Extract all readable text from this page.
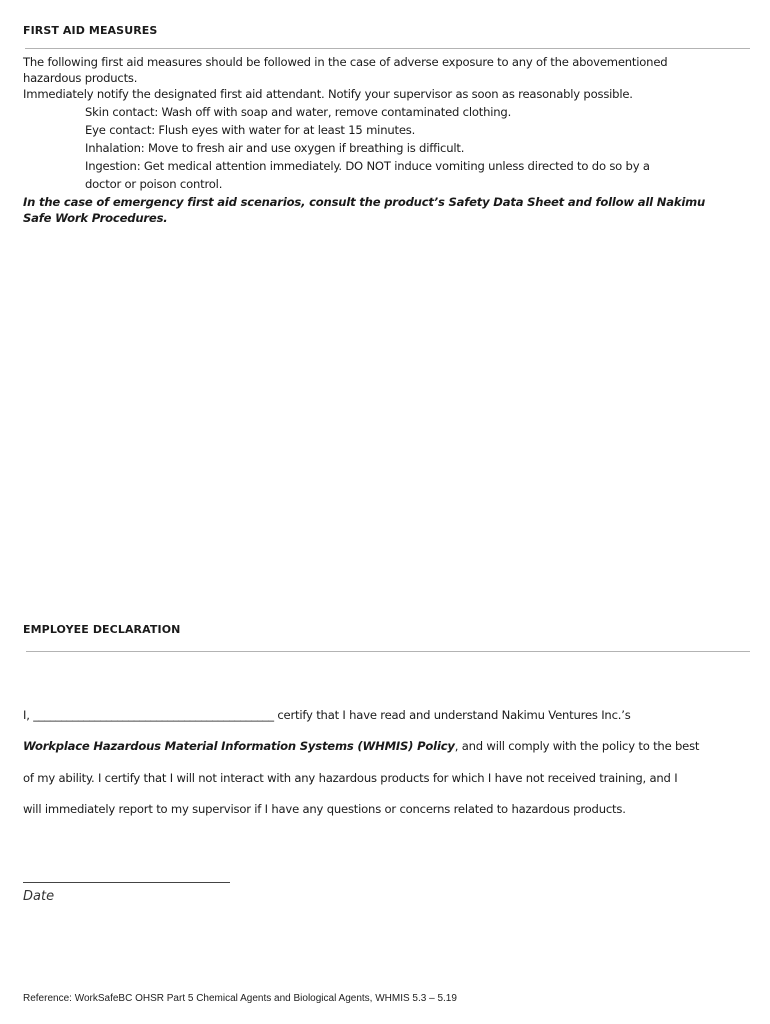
FIRST AID MEASURES
The following first aid measures should be followed in the case of adverse exposure to any of the abovementioned
hazardous products.
Immediately notify the designated first aid attendant. Notify your supervisor as soon as reasonably possible.
Skin contact: Wash off with soap and water, remove contaminated clothing.
Eye contact: Flush eyes with water for at least 15 minutes.
Inhalation: Move to fresh air and use oxygen if breathing is difficult.
Ingestion: Get medical attention immediately. DO NOT induce vomiting unless directed to do so by a
doctor or poison control.
In the case of emergency first aid scenarios, consult the product’s Safety Data Sheet and follow all Nakimu
Safe Work Procedures.
EMPLOYEE DECLARATION
I, ___________________________________________ certify that I have read and understand Nakimu Ventures Inc.’s
Workplace Hazardous Material Information Systems (WHMIS) Policy, and will comply with the policy to the best
of my ability. I certify that I will not interact with any hazardous products for which I have not received training, and I
will immediately report to my supervisor if I have any questions or concerns related to hazardous products.
Date
Reference: WorkSafeBC OHSR Part 5 Chemical Agents and Biological Agents, WHMIS 5.3 – 5.19
